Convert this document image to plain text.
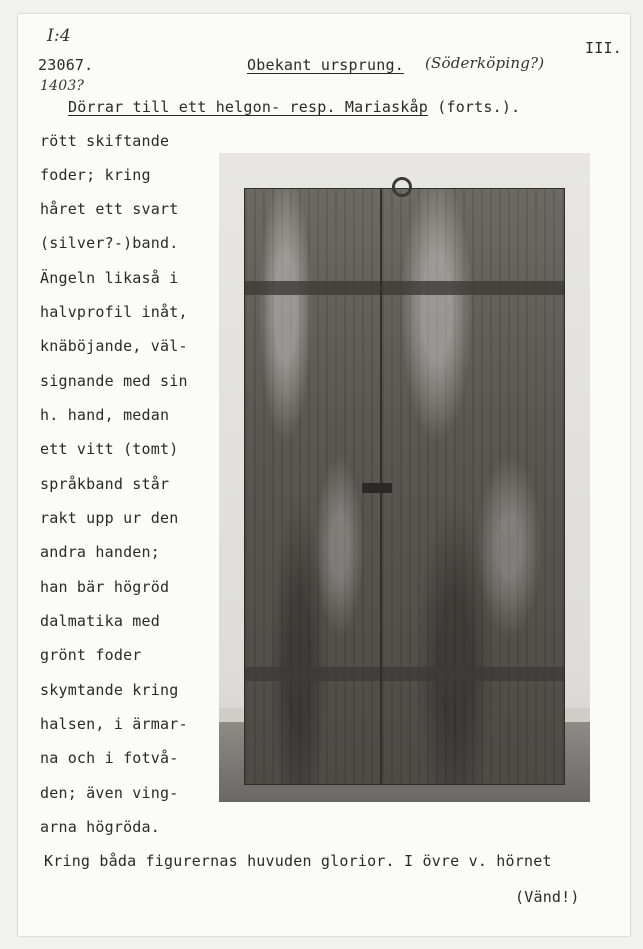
I:4
23067.
1403?
Obekant ursprung. (Söderköping?)
III.
Dörrar till ett helgon- resp. Mariaskåp (forts.).
rött skiftande
foder; kring
håret ett svart
(silver?-)band.
Ängeln likaså i
halvprofil inåt,
knäböjande, väl-
signande med sin
h. hand, medan
ett vitt (tomt)
språkband står
rakt upp ur den
andra handen;
han bär högröd
dalmatika med
grönt foder
skymtande kring
halsen, i ärmar-
na och i fotvå-
den; även ving-
arna högröda.
Kring båda figurernas huvuden glorior. I övre v. hörnet
(Vänd!)
